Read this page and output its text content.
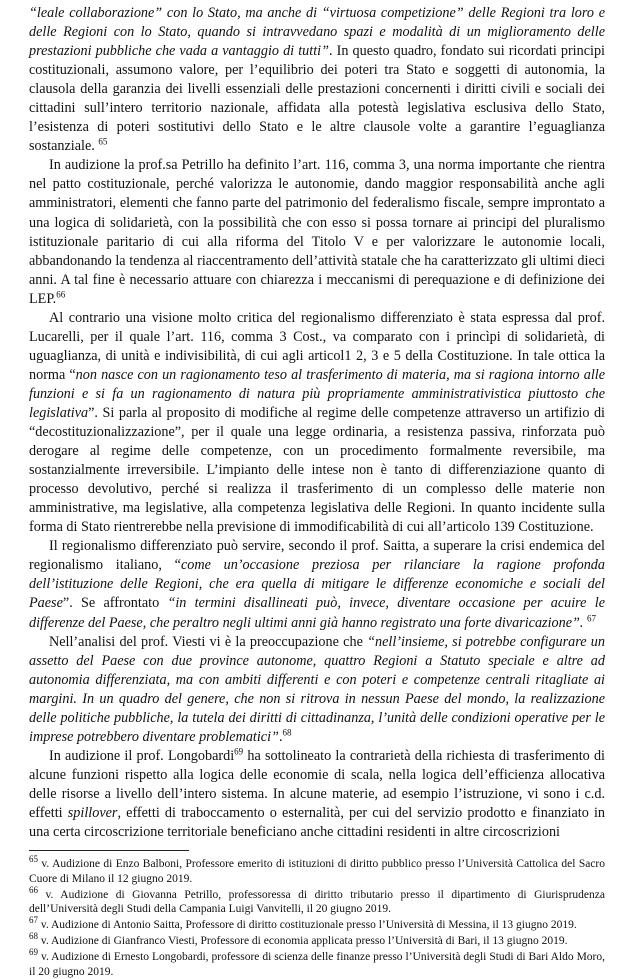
“leale collaborazione” con lo Stato, ma anche di “virtuosa competizione” delle Regioni tra loro e delle Regioni con lo Stato, quando si intravvedano spazi e modalità di un miglioramento delle prestazioni pubbliche che vada a vantaggio di tutti”. In questo quadro, fondato sui ricordati principi costituzionali, assumono valore, per l’equilibrio dei poteri tra Stato e soggetti di autonomia, la clausola della garanzia dei livelli essenziali delle prestazioni concernenti i diritti civili e sociali dei cittadini sull’intero territorio nazionale, affidata alla potestà legislativa esclusiva dello Stato, l’esistenza di poteri sostitutivi dello Stato e le altre clausole volte a garantire l’eguaglianza sostanziale. $^{65}$

In audizione la prof.sa Petrillo ha definito l’art. 116, comma 3, una norma importante che rientra nel patto costituzionale, perché valorizza le autonomie, dando maggior responsabilità anche agli amministratori, elementi che fanno parte del patrimonio del federalismo fiscale, sempre improntato a una logica di solidarietà, con la possibilità che con esso si possa tornare ai principi del pluralismo istituzionale paritario di cui alla riforma del Titolo V e per valorizzare le autonomie locali, abbandonando la tendenza al riaccentramento dell’attività statale che ha caratterizzato gli ultimi dieci anni. A tal fine è necessario attuare con chiarezza i meccanismi di perequazione e di definizione dei LEP.$^{66}$

Al contrario una visione molto critica del regionalismo differenziato è stata espressa dal prof. Lucarelli, per il quale l’art. 116, comma 3 Cost., va comparato con i princìpi di solidarietà, di uguaglianza, di unità e indivisibilità, di cui agli articol1 2, 3 e 5 della Costituzione. In tale ottica la norma “non nasce con un ragionamento teso al trasferimento di materia, ma si ragiona intorno alle funzioni e si fa un ragionamento di natura più propriamente amministrativistica piuttosto che legislativa”. Si parla al proposito di modifiche al regime delle competenze attraverso un artifizio di “decostituzionalizzazione”, per il quale una legge ordinaria, a resistenza passiva, rinforzata può derogare al regime delle competenze, con un procedimento formalmente reversibile, ma sostanzialmente irreversibile. L’impianto delle intese non è tanto di differenziazione quanto di processo devolutivo, perché si realizza il trasferimento di un complesso delle materie non amministrative, ma legislative, alla competenza legislativa delle Regioni. In quanto incidente sulla forma di Stato rientrerebbe nella previsione di immodificabilità di cui all’articolo 139 Costituzione.

Il regionalismo differenziato può servire, secondo il prof. Saitta, a superare la crisi endemica del regionalismo italiano, “come un’occasione preziosa per rilanciare la ragione profonda dell’istituzione delle Regioni, che era quella di mitigare le differenze economiche e sociali del Paese”. Se affrontato “in termini disallineati può, invece, diventare occasione per acuire le differenze del Paese, che peraltro negli ultimi anni già hanno registrato una forte divaricazione”. $^{67}$

Nell’analisi del prof. Viesti vi è la preoccupazione che “nell’insieme, si potrebbe configurare un assetto del Paese con due province autonome, quattro Regioni a Statuto speciale e altre ad autonomia differenziata, ma con ambiti differenti e con poteri e competenze centrali ritagliate ai margini. In un quadro del genere, che non si ritrova in nessun Paese del mondo, la realizzazione delle politiche pubbliche, la tutela dei diritti di cittadinanza, l’unità delle condizioni operative per le imprese potrebbero diventare problematici”.$^{68}$

In audizione il prof. Longobardi$^{69}$ ha sottolineato la contrarietà della richiesta di trasferimento di alcune funzioni rispetto alla logica delle economie di scala, nella logica dell’efficienza allocativa delle risorse a livello dell’intero sistema. In alcune materie, ad esempio l’istruzione, vi sono i c.d. effetti spillover, effetti di traboccamento o esternalità, per cui del servizio prodotto e finanziato in una certa circoscrizione territoriale beneficiano anche cittadini residenti in altre circoscrizioni

$^{65}$ v. Audizione di Enzo Balboni, Professore emerito di istituzioni di diritto pubblico presso l’Università Cattolica del Sacro Cuore di Milano il 12 giugno 2019.

$^{66}$ v. Audizione di Giovanna Petrillo, professoressa di diritto tributario presso il dipartimento di Giurisprudenza dell’Università degli Studi della Campania Luigi Vanvitelli, il 20 giugno 2019.

$^{67}$ v. Audizione di Antonio Saitta, Professore di diritto costituzionale presso l’Università di Messina, il 13 giugno 2019.

$^{68}$ v. Audizione di Gianfranco Viesti, Professore di economia applicata presso l’Università di Bari, il 13 giugno 2019.

$^{69}$ v. Audizione di Ernesto Longobardi, professore di scienza delle finanze presso l’Università degli Studi di Bari Aldo Moro, il 20 giugno 2019.
